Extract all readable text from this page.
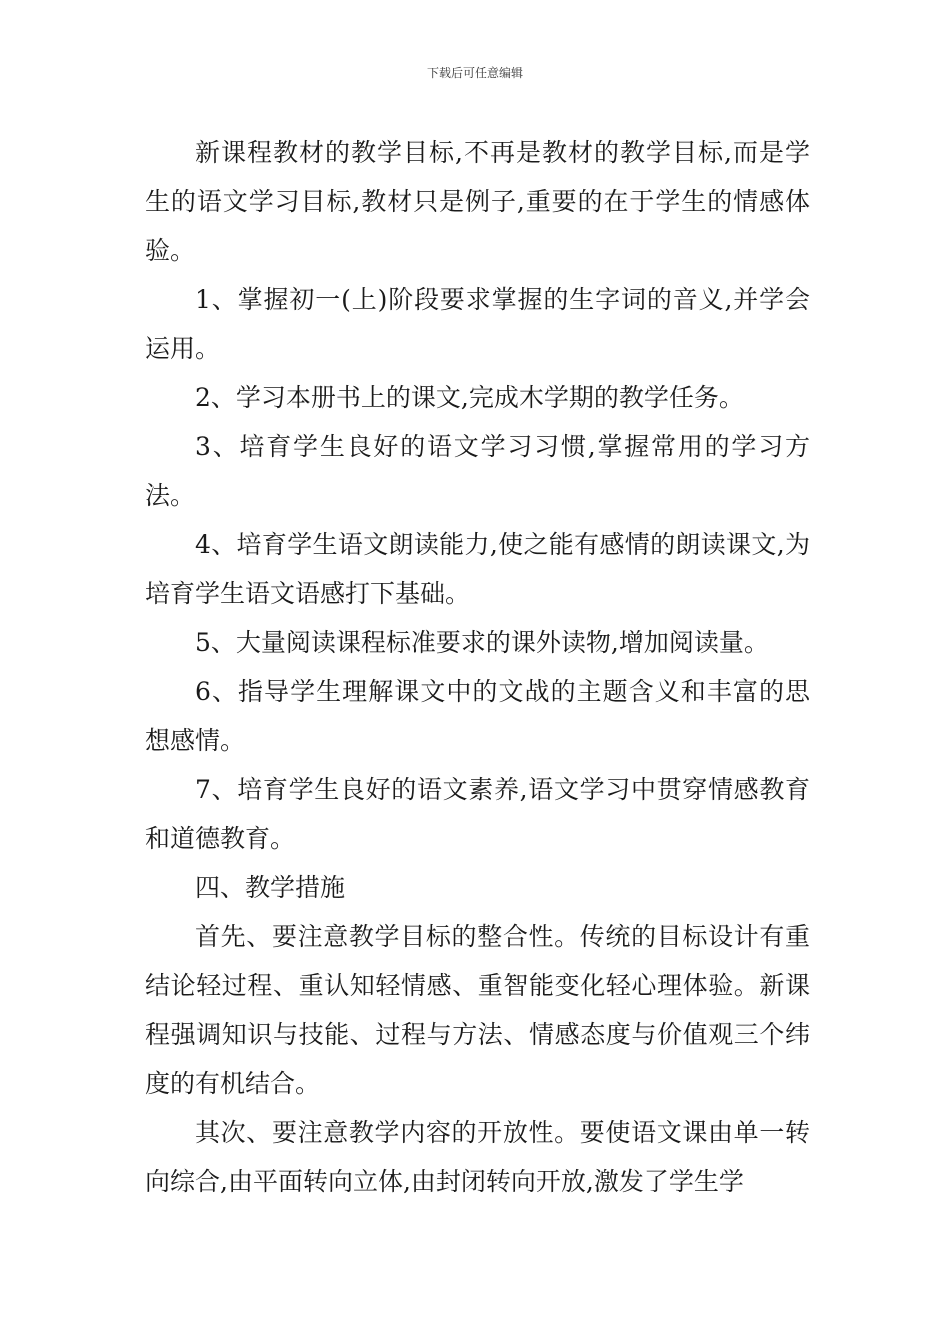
下载后可任意编辑

新课程教材的教学目标,不再是教材的教学目标,而是学生的语文学习目标,教材只是例子,重要的在于学生的情感体验。

1、掌握初一(上)阶段要求掌握的生字词的音义,并学会运用。

2、学习本册书上的课文,完成木学期的教学任务。

3、培育学生良好的语文学习习惯,掌握常用的学习方法。

4、培育学生语文朗读能力,使之能有感情的朗读课文,为培育学生语文语感打下基础。

5、大量阅读课程标准要求的课外读物,增加阅读量。

6、指导学生理解课文中的文战的主题含义和丰富的思想感情。

7、培育学生良好的语文素养,语文学习中贯穿情感教育和道德教育。

四、教学措施

首先、要注意教学目标的整合性。传统的目标设计有重结论轻过程、重认知轻情感、重智能变化轻心理体验。新课程强调知识与技能、过程与方法、情感态度与价值观三个纬度的有机结合。

其次、要注意教学内容的开放性。要使语文课由单一转向综合,由平面转向立体,由封闭转向开放,激发了学生学
